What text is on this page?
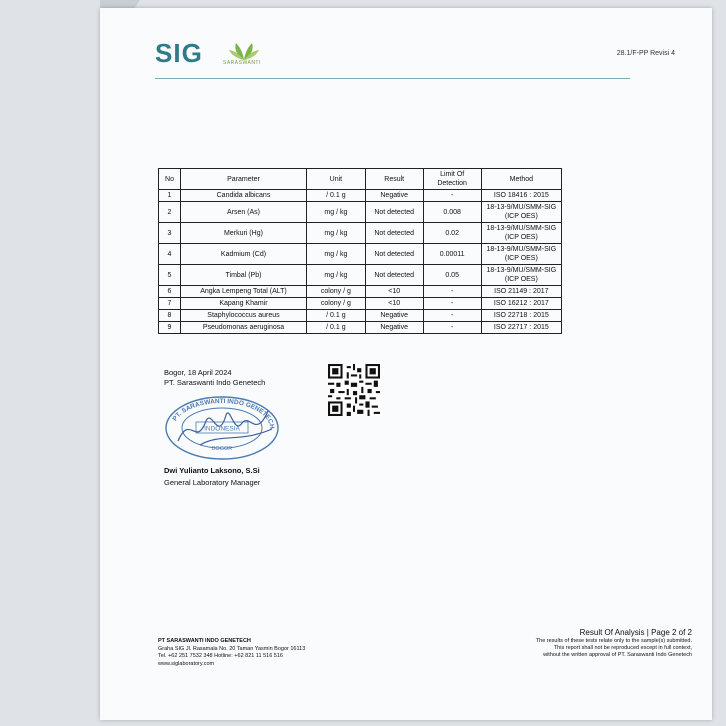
SIG	SARASWANTI
28.1/F-PP Revisi 4
No	Parameter	Unit	Result	Limit Of Detection	Method
1	Candida albicans	/ 0.1 g	Negative	-	ISO 18416 : 2015
2	Arsen (As)	mg / kg	Not detected	0.008	18-13-9/MU/SMM-SIG (ICP OES)
3	Merkuri (Hg)	mg / kg	Not detected	0.02	18-13-9/MU/SMM-SIG (ICP OES)
4	Kadmium (Cd)	mg / kg	Not detected	0.00011	18-13-9/MU/SMM-SIG (ICP OES)
5	Timbal (Pb)	mg / kg	Not detected	0.05	18-13-9/MU/SMM-SIG (ICP OES)
6	Angka Lempeng Total (ALT)	colony / g	<10	-	ISO 21149 : 2017
7	Kapang Khamir	colony / g	<10	-	ISO 16212 : 2017
8	Staphylococcus aureus	/ 0.1 g	Negative	-	ISO 22718 : 2015
9	Pseudomonas aeruginosa	/ 0.1 g	Negative	-	ISO 22717 : 2015
Bogor, 18 April 2024
PT. Saraswanti Indo Genetech
PT. SARASWANTI INDO GENETECH
INDONESIA
BOGOR
Dwi Yulianto Laksono, S.Si
General Laboratory Manager
PT SARASWANTI INDO GENETECH
Graha SIG Jl. Rasamala No. 20 Taman Yasmin Bogor 16113
Tel. +62 251 7532 348 Hotline: +62 821 11 516 516
www.siglaboratory.com
Result Of Analysis | Page 2 of 2
The results of these tests relate only to the sample(s) submitted.
This report shall not be reproduced except in full context,
without the written approval of PT. Saraswanti Indo Genetech
